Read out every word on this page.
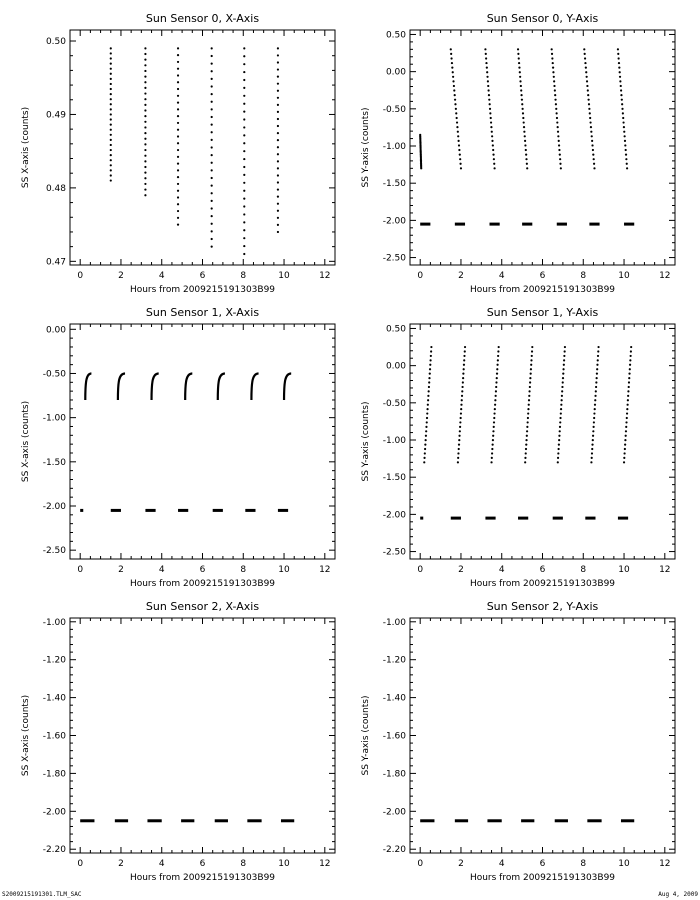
Sun Sensor 0, X-Axis
Hours from 2009215191303B99
SS X-axis (counts)
0	2	4	6	8	10	12
0.47
0.48
0.49
0.50
Sun Sensor 0, Y-Axis
Hours from 2009215191303B99
SS Y-axis (counts)
0	2	4	6	8	10	12
0.50
0.00
-0.50
-1.00
-1.50
-2.00
-2.50
Sun Sensor 1, X-Axis
Hours from 2009215191303B99
SS X-axis (counts)
0	2	4	6	8	10	12
0.00
-0.50
-1.00
-1.50
-2.00
-2.50
Sun Sensor 1, Y-Axis
Hours from 2009215191303B99
SS Y-axis (counts)
0	2	4	6	8	10	12
0.50
0.00
-0.50
-1.00
-1.50
-2.00
-2.50
Sun Sensor 2, X-Axis
Hours from 2009215191303B99
SS X-axis (counts)
0	2	4	6	8	10	12
-1.00
-1.20
-1.40
-1.60
-1.80
-2.00
-2.20
Sun Sensor 2, Y-Axis
Hours from 2009215191303B99
SS Y-axis (counts)
0	2	4	6	8	10	12
-1.00
-1.20
-1.40
-1.60
-1.80
-2.00
-2.20
S2009215191301.TLM_SAC	Aug 4, 2009
